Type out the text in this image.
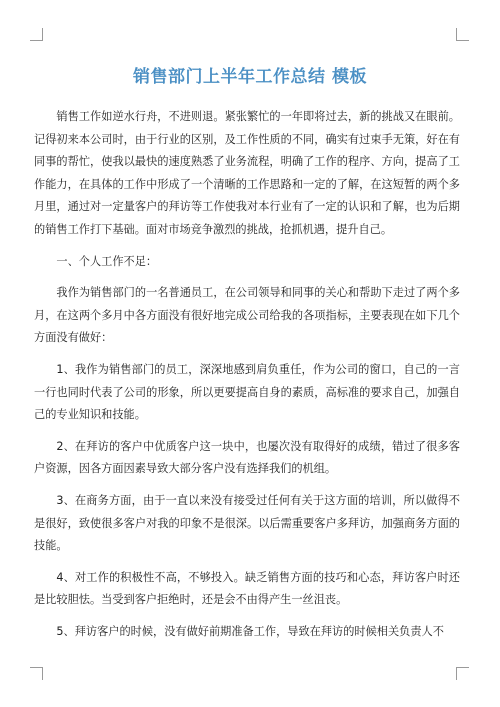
销售部门上半年工作总结 模板

销售工作如逆水行舟，不进则退。紧张繁忙的一年即将过去，新的挑战又在眼前。记得初来本公司时，由于行业的区别，及工作性质的不同，确实有过束手无策，好在有同事的帮忙，使我以最快的速度熟悉了业务流程，明确了工作的程序、方向，提高了工作能力，在具体的工作中形成了一个清晰的工作思路和一定的了解，在这短暂的两个多月里，通过对一定量客户的拜访等工作使我对本行业有了一定的认识和了解，也为后期的销售工作打下基础。面对市场竞争激烈的挑战，抢抓机遇，提升自己。

一、个人工作不足：

我作为销售部门的一名普通员工，在公司领导和同事的关心和帮助下走过了两个多月，在这两个多月中各方面没有很好地完成公司给我的各项指标，主要表现在如下几个方面没有做好：

1、我作为销售部门的员工，深深地感到肩负重任，作为公司的窗口，自己的一言一行也同时代表了公司的形象，所以更要提高自身的素质，高标准的要求自己，加强自己的专业知识和技能。

2、在拜访的客户中优质客户这一块中，也屡次没有取得好的成绩，错过了很多客户资源，因各方面因素导致大部分客户没有选择我们的机组。

3、在商务方面，由于一直以来没有接受过任何有关于这方面的培训，所以做得不是很好，致使很多客户对我的印象不是很深。以后需重要客户多拜访，加强商务方面的技能。

4、对工作的积极性不高，不够投入。缺乏销售方面的技巧和心态，拜访客户时还是比较胆怯。当受到客户拒绝时，还是会不由得产生一丝沮丧。

5、拜访客户的时候，没有做好前期准备工作，导致在拜访的时候相关负责人不
